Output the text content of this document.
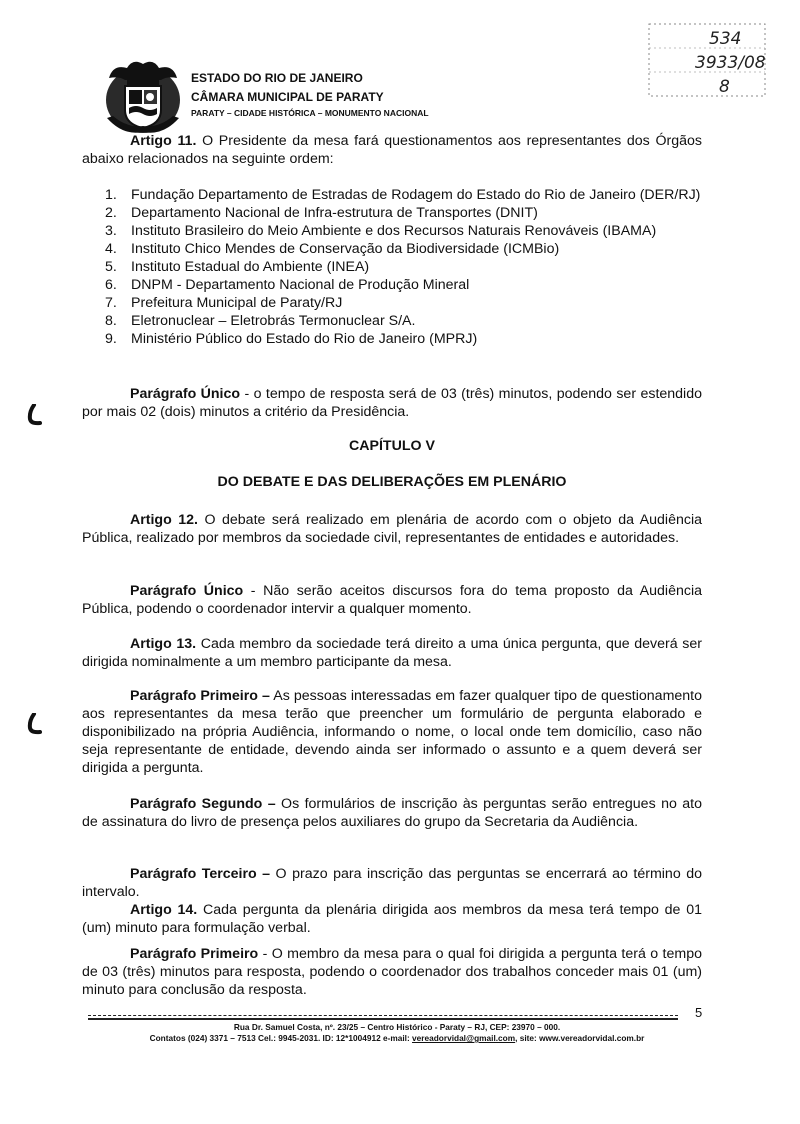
ESTADO DO RIO DE JANEIRO
CÂMARA MUNICIPAL DE PARATY
PARATY – CIDADE HISTÓRICA – MONUMENTO NACIONAL
534
3933/08
8
Artigo 11. O Presidente da mesa fará questionamentos aos representantes dos Órgãos abaixo relacionados na seguinte ordem:
1. Fundação Departamento de Estradas de Rodagem do Estado do Rio de Janeiro (DER/RJ)
2. Departamento Nacional de Infra-estrutura de Transportes (DNIT)
3. Instituto Brasileiro do Meio Ambiente e dos Recursos Naturais Renováveis (IBAMA)
4. Instituto Chico Mendes de Conservação da Biodiversidade (ICMBio)
5. Instituto Estadual do Ambiente (INEA)
6. DNPM - Departamento Nacional de Produção Mineral
7. Prefeitura Municipal de Paraty/RJ
8. Eletronuclear – Eletrobrás Termonuclear S/A.
9. Ministério Público do Estado do Rio de Janeiro (MPRJ)
Parágrafo Único - o tempo de resposta será de 03 (três) minutos, podendo ser estendido por mais 02 (dois) minutos a critério da Presidência.
CAPÍTULO V
DO DEBATE E DAS DELIBERAÇÕES EM PLENÁRIO
Artigo 12. O debate será realizado em plenária de acordo com o objeto da Audiência Pública, realizado por membros da sociedade civil, representantes de entidades e autoridades.
Parágrafo Único - Não serão aceitos discursos fora do tema proposto da Audiência Pública, podendo o coordenador intervir a qualquer momento.
Artigo 13. Cada membro da sociedade terá direito a uma única pergunta, que deverá ser dirigida nominalmente a um membro participante da mesa.
Parágrafo Primeiro – As pessoas interessadas em fazer qualquer tipo de questionamento aos representantes da mesa terão que preencher um formulário de pergunta elaborado e disponibilizado na própria Audiência, informando o nome, o local onde tem domicílio, caso não seja representante de entidade, devendo ainda ser informado o assunto e a quem deverá ser dirigida a pergunta.
Parágrafo Segundo – Os formulários de inscrição às perguntas serão entregues no ato de assinatura do livro de presença pelos auxiliares do grupo da Secretaria da Audiência.
Parágrafo Terceiro – O prazo para inscrição das perguntas se encerrará ao término do intervalo.
Artigo 14. Cada pergunta da plenária dirigida aos membros da mesa terá tempo de 01 (um) minuto para formulação verbal.
Parágrafo Primeiro - O membro da mesa para o qual foi dirigida a pergunta terá o tempo de 03 (três) minutos para resposta, podendo o coordenador dos trabalhos conceder mais 01 (um) minuto para conclusão da resposta.
5
Rua Dr. Samuel Costa, nº. 23/25 – Centro Histórico - Paraty – RJ, CEP: 23970 – 000.
Contatos (024) 3371 – 7513 Cel.: 9945-2031. ID: 12*1004912 e-mail: vereadorvidal@gmail.com, site: www.vereadorvidal.com.br
